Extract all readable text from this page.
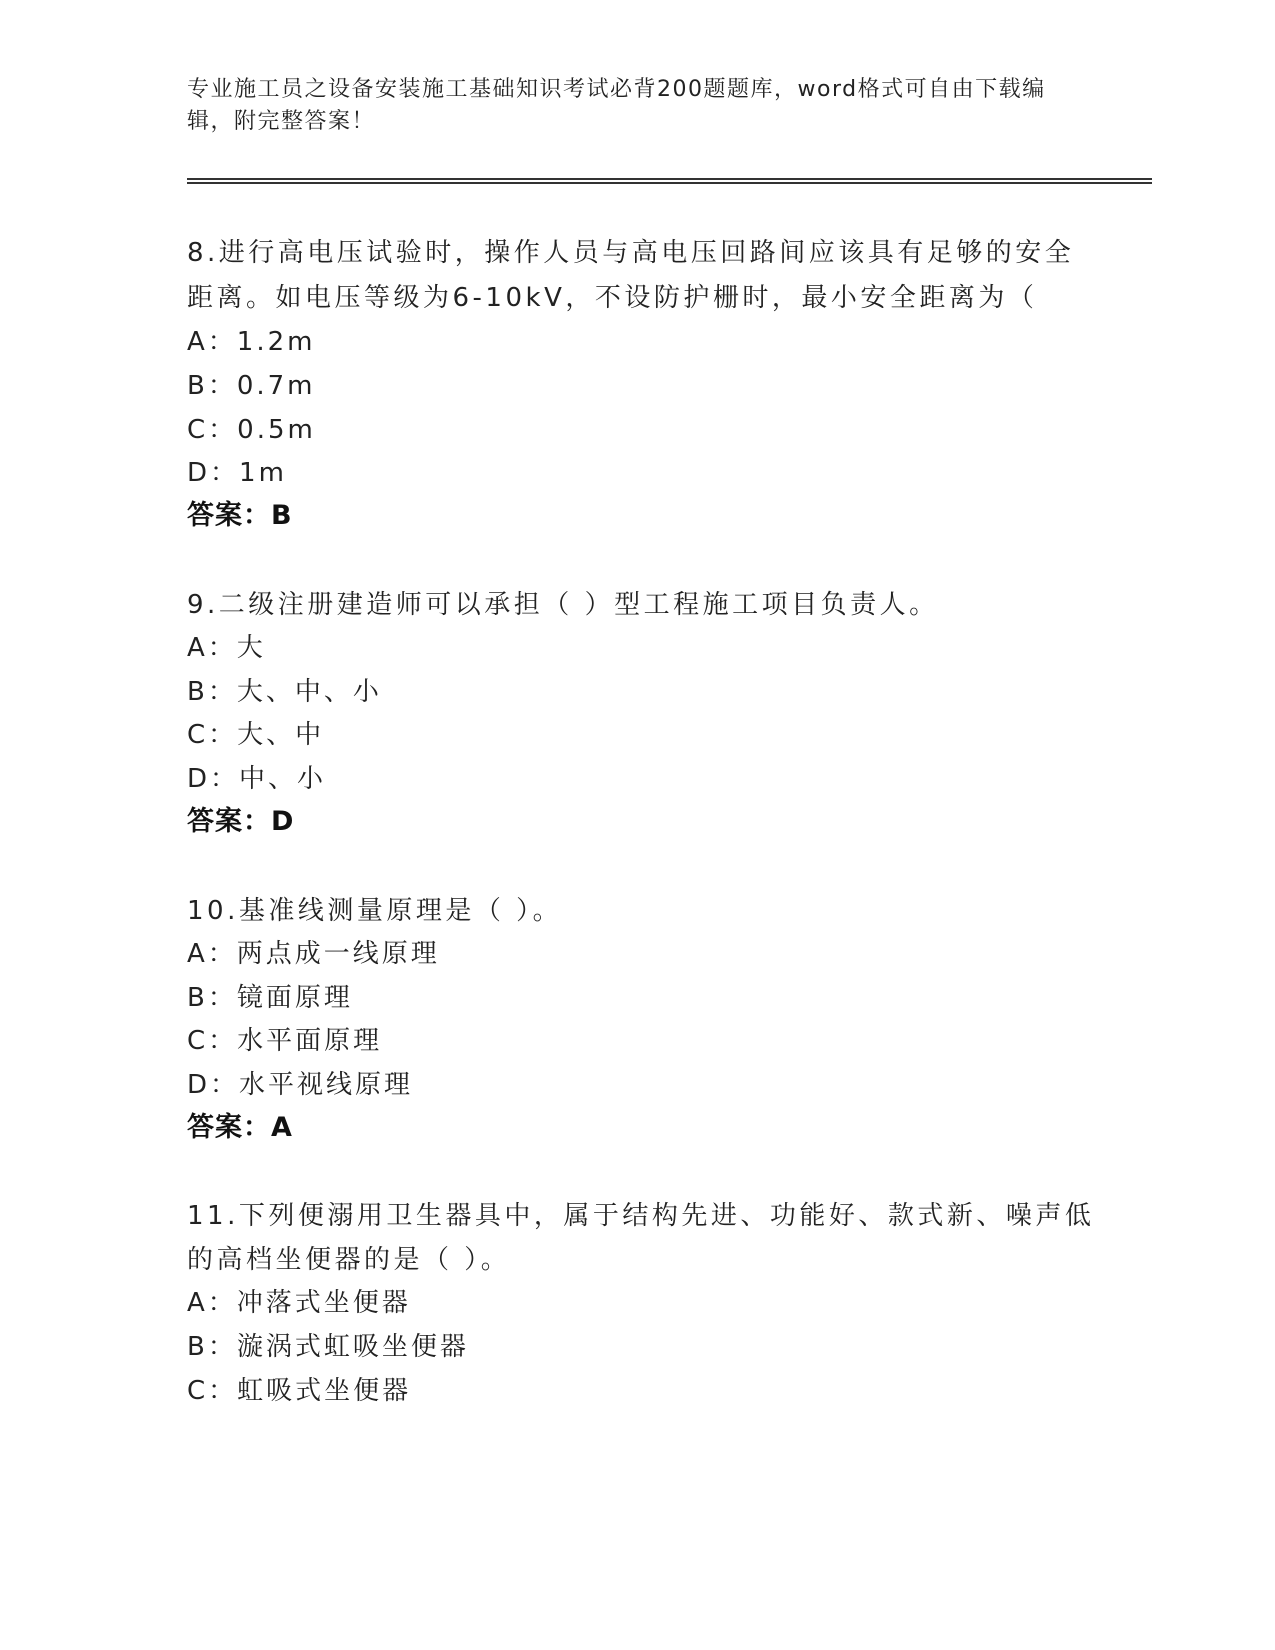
专业施工员之设备安装施工基础知识考试必背200题题库，word格式可自由下载编辑，附完整答案！
8.进行高电压试验时，操作人员与高电压回路间应该具有足够的安全
距离。如电压等级为6-10kV，不设防护栅时，最小安全距离为（
A：1.2m
B：0.7m
C：0.5m
D：1m
答案：B
9.二级注册建造师可以承担（ ）型工程施工项目负责人。
A：大
B：大、中、小
C：大、中
D：中、小
答案：D
10.基准线测量原理是（ ）。
A：两点成一线原理
B：镜面原理
C：水平面原理
D：水平视线原理
答案：A
11.下列便溺用卫生器具中，属于结构先进、功能好、款式新、噪声低
的高档坐便器的是（ ）。
A：冲落式坐便器
B：漩涡式虹吸坐便器
C：虹吸式坐便器
